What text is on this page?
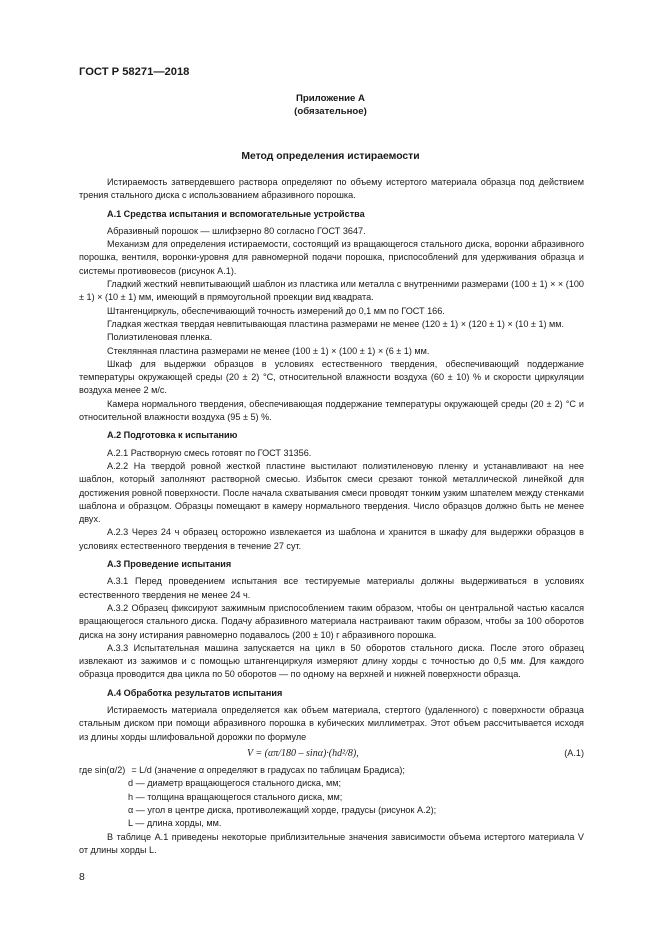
ГОСТ Р 58271—2018
Приложение А
(обязательное)
Метод определения истираемости

Истираемость затвердевшего раствора определяют по объему истертого материала образца под действием трения стального диска с использованием абразивного порошка.

А.1 Средства испытания и вспомогательные устройства

Абразивный порошок — шлифзерно 80 согласно ГОСТ 3647.

Механизм для определения истираемости, состоящий из вращающегося стального диска, воронки абразивного порошка, вентиля, воронки-уровня для равномерной подачи порошка, приспособлений для удерживания образца и системы противовесов (рисунок А.1).

Гладкий жесткий невпитывающий шаблон из пластика или металла с внутренними размерами (100 ± 1) × × (100 ± 1) × (10 ± 1) мм, имеющий в прямоугольной проекции вид квадрата.

Штангенциркуль, обеспечивающий точность измерений до 0,1 мм по ГОСТ 166.

Гладкая жесткая твердая невпитывающая пластина размерами не менее (120 ± 1) × (120 ± 1) × (10 ± 1) мм.

Полиэтиленовая пленка.

Стеклянная пластина размерами не менее (100 ± 1) × (100 ± 1) × (6 ± 1) мм.

Шкаф для выдержки образцов в условиях естественного твердения, обеспечивающий поддержание температуры окружающей среды (20 ± 2) °С, относительной влажности воздуха (60 ± 10) % и скорости циркуляции воздуха менее 2 м/с.

Камера нормального твердения, обеспечивающая поддержание температуры окружающей среды (20 ± 2) °С и относительной влажности воздуха (95 ± 5) %.

А.2 Подготовка к испытанию

А.2.1 Растворную смесь готовят по ГОСТ 31356.

А.2.2 На твердой ровной жесткой пластине выстилают полиэтиленовую пленку и устанавливают на нее шаблон, который заполняют растворной смесью. Избыток смеси срезают тонкой металлической линейкой для достижения ровной поверхности. После начала схватывания смеси проводят тонким узким шпателем между стенками шаблона и образцом. Образцы помещают в камеру нормального твердения. Число образцов должно быть не менее двух.

А.2.3 Через 24 ч образец осторожно извлекается из шаблона и хранится в шкафу для выдержки образцов в условиях естественного твердения в течение 27 сут.

А.3 Проведение испытания

А.3.1 Перед проведением испытания все тестируемые материалы должны выдерживаться в условиях естественного твердения не менее 24 ч.

А.3.2 Образец фиксируют зажимным приспособлением таким образом, чтобы он центральной частью касался вращающегося стального диска. Подачу абразивного материала настраивают таким образом, чтобы за 100 оборотов диска на зону истирания равномерно подавалось (200 ± 10) г абразивного порошка.

А.3.3 Испытательная машина запускается на цикл в 50 оборотов стального диска. После этого образец извлекают из зажимов и с помощью штангенциркуля измеряют длину хорды с точностью до 0,5 мм. Для каждого образца проводится два цикла по 50 оборотов — по одному на верхней и нижней поверхности образца.

А.4 Обработка результатов испытания

Истираемость материала определяется как объем материала, стертого (удаленного) с поверхности образца стальным диском при помощи абразивного порошка в кубических миллиметрах. Этот объем рассчитывается исходя из длины хорды шлифовальной дорожки по формуле

V = (απ/180 – sinα)·(hd²/8),	(А.1)
где sin(α/2) = L/d (значение α определяют в градусах по таблицам Брадиса);
d — диаметр вращающегося стального диска, мм;
h — толщина вращающегося стального диска, мм;
α — угол в центре диска, противолежащий хорде, градусы (рисунок А.2);
L — длина хорды, мм.

В таблице А.1 приведены некоторые приблизительные значения зависимости объема истертого материала V от длины хорды L.

8
